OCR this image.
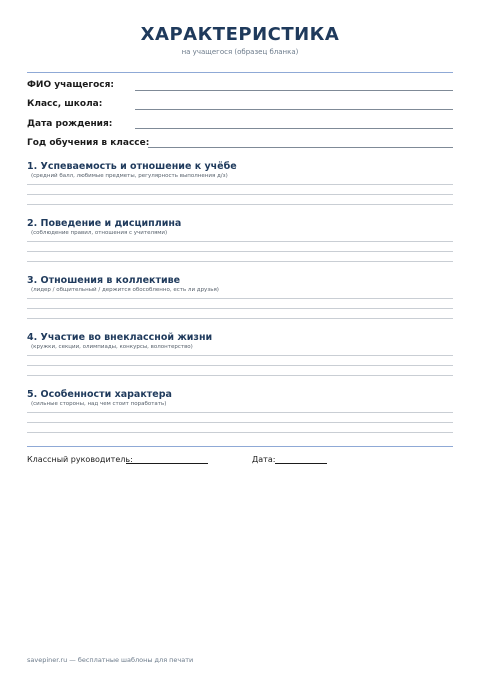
ХАРАКТЕРИСТИКА
на учащегося (образец бланка)
ФИО учащегося:
Класс, школа:
Дата рождения:
Год обучения в классе:
1. Успеваемость и отношение к учёбе
(средний балл, любимые предметы, регулярность выполнения д/з)
2. Поведение и дисциплина
(соблюдение правил, отношения с учителями)
3. Отношения в коллективе
(лидер / общительный / держится обособленно, есть ли друзья)
4. Участие во внеклассной жизни
(кружки, секции, олимпиады, конкурсы, волонтерство)
5. Особенности характера
(сильные стороны, над чем стоит поработать)
Классный руководитель:	Дата:
savepiner.ru — бесплатные шаблоны для печати
